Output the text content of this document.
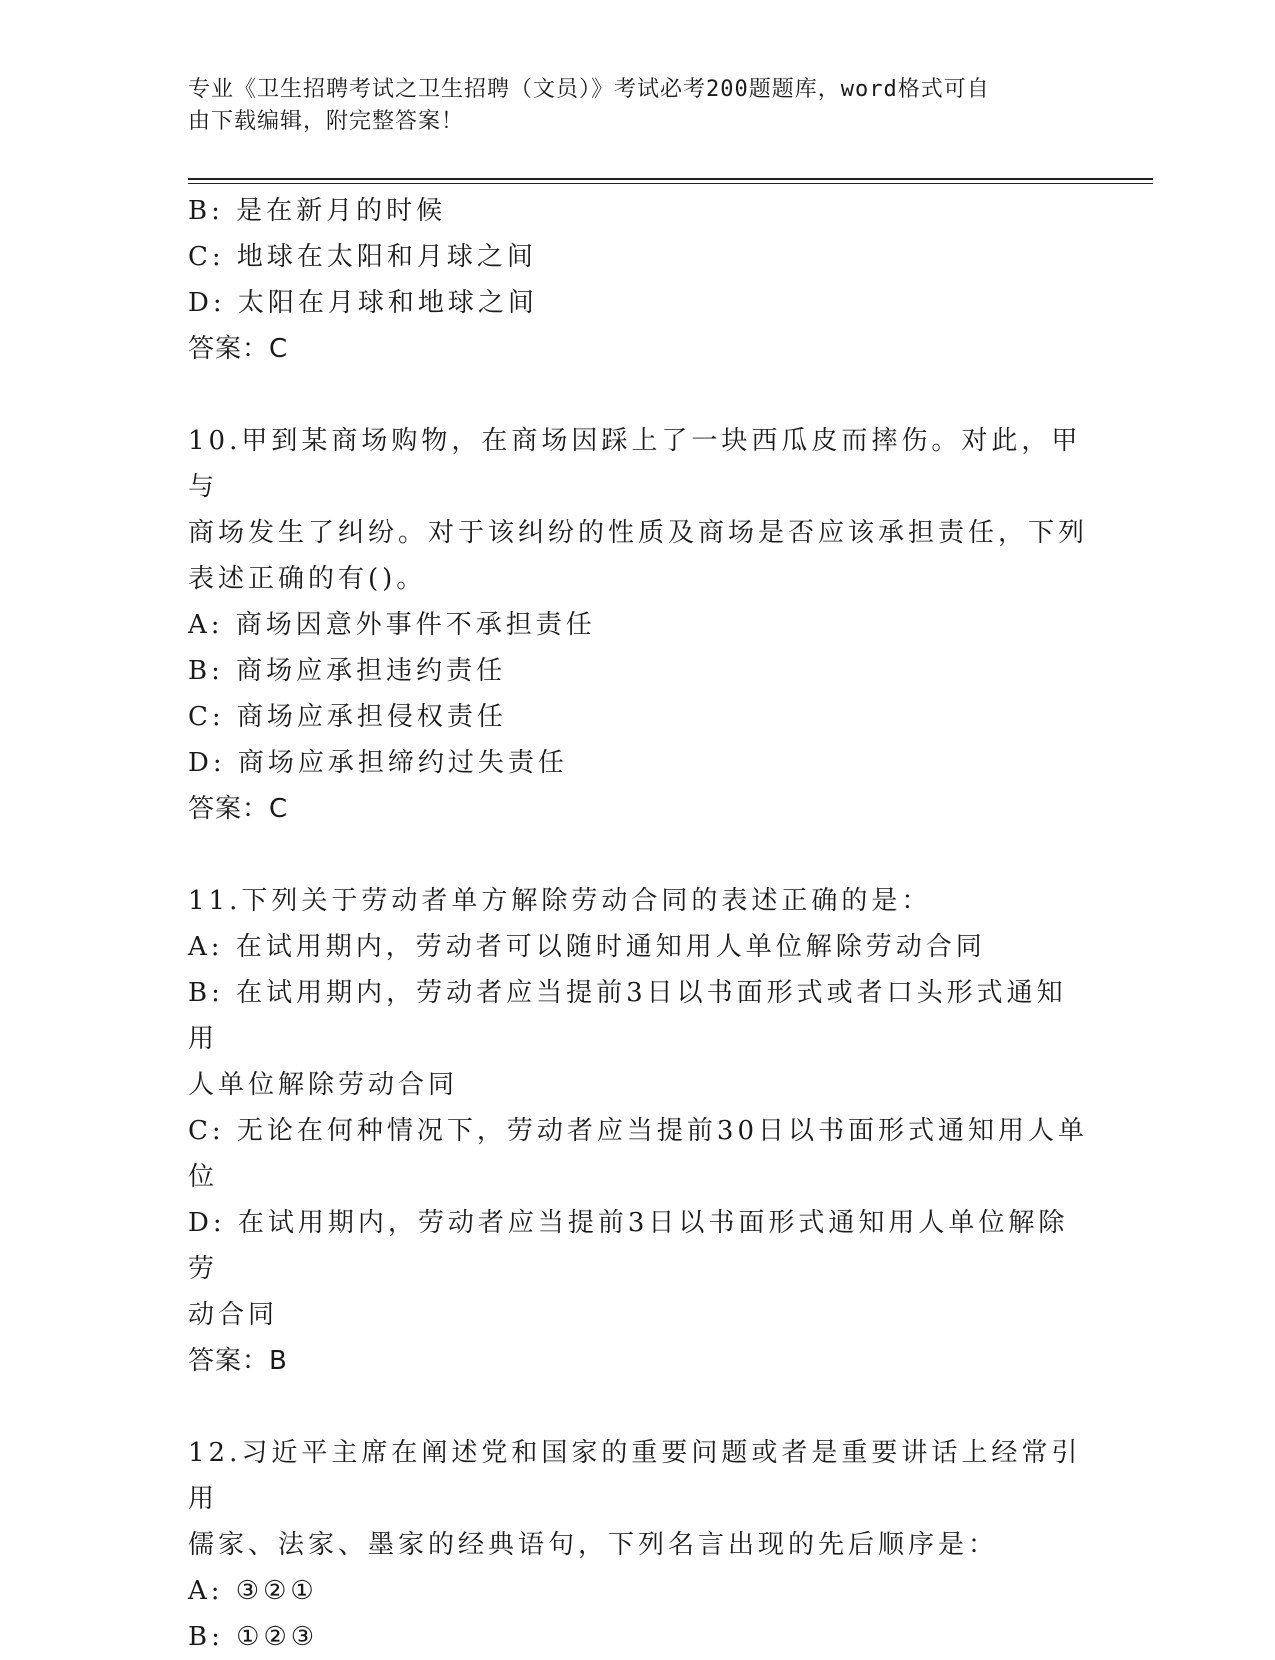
专业《卫生招聘考试之卫生招聘（文员）》考试必考200题题库，word格式可自
由下载编辑，附完整答案！

B: 是在新月的时候

C: 地球在太阳和月球之间

D: 太阳在月球和地球之间

答案：C

10.甲到某商场购物，在商场因踩上了一块西瓜皮而摔伤。对此，甲与

商场发生了纠纷。对于该纠纷的性质及商场是否应该承担责任，下列

表述正确的有()。

A: 商场因意外事件不承担责任

B: 商场应承担违约责任

C: 商场应承担侵权责任

D: 商场应承担缔约过失责任

答案：C

11.下列关于劳动者单方解除劳动合同的表述正确的是：

A: 在试用期内，劳动者可以随时通知用人单位解除劳动合同

B: 在试用期内，劳动者应当提前3日以书面形式或者口头形式通知用

人单位解除劳动合同

C: 无论在何种情况下，劳动者应当提前30日以书面形式通知用人单

位

D: 在试用期内，劳动者应当提前3日以书面形式通知用人单位解除劳

动合同

答案：B

12.习近平主席在阐述党和国家的重要问题或者是重要讲话上经常引用

儒家、法家、墨家的经典语句，下列名言出现的先后顺序是：

A: ③②①

B: ①②③
